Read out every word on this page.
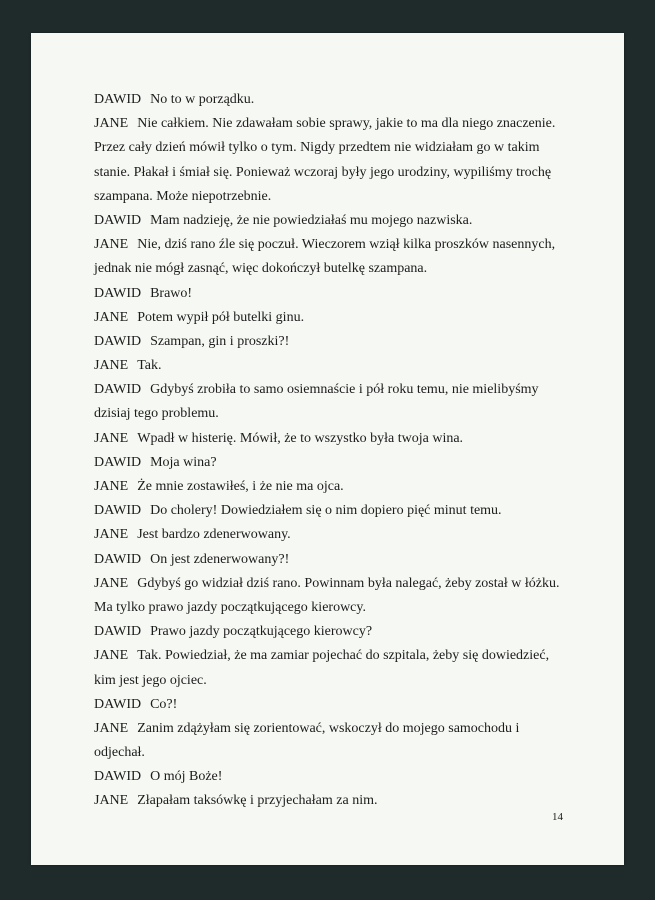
DAWID No to w porządku.
JANE Nie całkiem. Nie zdawałam sobie sprawy, jakie to ma dla niego znaczenie.
Przez cały dzień mówił tylko o tym. Nigdy przedtem nie widziałam go w takim
stanie. Płakał i śmiał się. Ponieważ wczoraj były jego urodziny, wypiliśmy trochę
szampana. Może niepotrzebnie.
DAWID Mam nadzieję, że nie powiedziałaś mu mojego nazwiska.
JANE Nie, dziś rano źle się poczuł. Wieczorem wziął kilka proszków nasennych,
jednak nie mógł zasnąć, więc dokończył butelkę szampana.
DAWID Brawo!
JANE Potem wypił pół butelki ginu.
DAWID Szampan, gin i proszki?!
JANE Tak.
DAWID Gdybyś zrobiła to samo osiemnaście i pół roku temu, nie mielibyśmy
dzisiaj tego problemu.
JANE Wpadł w histerię. Mówił, że to wszystko była twoja wina.
DAWID Moja wina?
JANE Że mnie zostawiłeś, i że nie ma ojca.
DAWID Do cholery! Dowiedziałem się o nim dopiero pięć minut temu.
JANE Jest bardzo zdenerwowany.
DAWID On jest zdenerwowany?!
JANE Gdybyś go widział dziś rano. Powinnam była nalegać, żeby został w łóżku.
Ma tylko prawo jazdy początkującego kierowcy.
DAWID Prawo jazdy początkującego kierowcy?
JANE Tak. Powiedział, że ma zamiar pojechać do szpitala, żeby się dowiedzieć,
kim jest jego ojciec.
DAWID Co?!
JANE Zanim zdążyłam się zorientować, wskoczył do mojego samochodu i
odjechał.
DAWID O mój Boże!
JANE Złapałam taksówkę i przyjechałam za nim.
14
